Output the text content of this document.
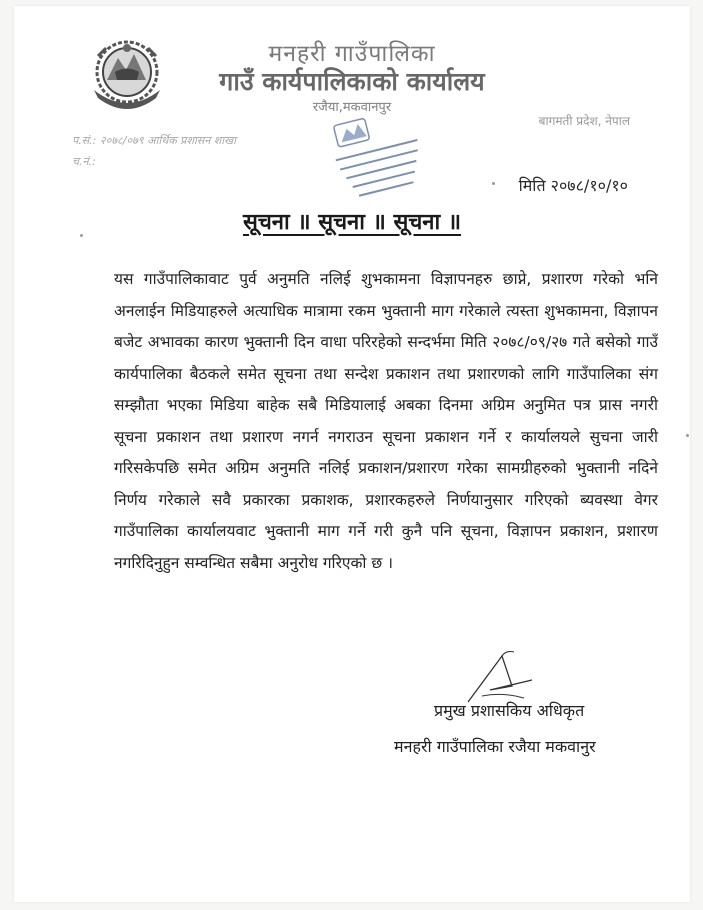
मनहरी गाउँपालिका
गाउँ कार्यपालिकाको कार्यालय
रजैया,मकवानपुर
बागमती प्रदेश, नेपाल
प.सं.: २०७८/०७९ आर्थिक प्रशासन शाखा
च.नं.:
मिति २०७८/१०/१०
सूचना ॥ सूचना ॥ सूचना ॥
यस गाउँपालिकावाट पुर्व अनुमति नलिई शुभकामना विज्ञापनहरु छाप्ने, प्रशारण गरेको भनि अनलाईन मिडियाहरुले अत्याधिक मात्रामा रकम भुक्तानी माग गरेकाले त्यस्ता शुभकामना, विज्ञापन बजेट अभावका कारण भुक्तानी दिन वाधा परिरहेको सन्दर्भमा मिति २०७८/०९/२७ गते बसेको गाउँ कार्यपालिका बैठकले समेत सूचना तथा सन्देश प्रकाशन तथा प्रशारणको लागि गाउँपालिका संग सम्झौता भएका मिडिया बाहेक सबै मिडियालाई अबका दिनमा अग्रिम अनुमित पत्र प्रास नगरी सूचना प्रकाशन तथा प्रशारण नगर्न नगराउन सूचना प्रकाशन गर्ने र कार्यालयले सुचना जारी गरिसकेपछि समेत अग्रिम अनुमति नलिई प्रकाशन/प्रशारण गरेका सामग्रीहरुको भुक्तानी नदिने निर्णय गरेकाले सवै प्रकारका प्रकाशक, प्रशारकहरुले निर्णयानुसार गरिएको ब्यवस्था वेगर गाउँपालिका कार्यालयवाट भुक्तानी माग गर्ने गरी कुनै पनि सूचना, विज्ञापन प्रकाशन, प्रशारण नगरिदिनुहुन सम्वन्धित सबैमा अनुरोध गरिएको छ ।
प्रमुख प्रशासकिय अधिकृत
मनहरी गाउँपालिका रजैया मकवानुर
